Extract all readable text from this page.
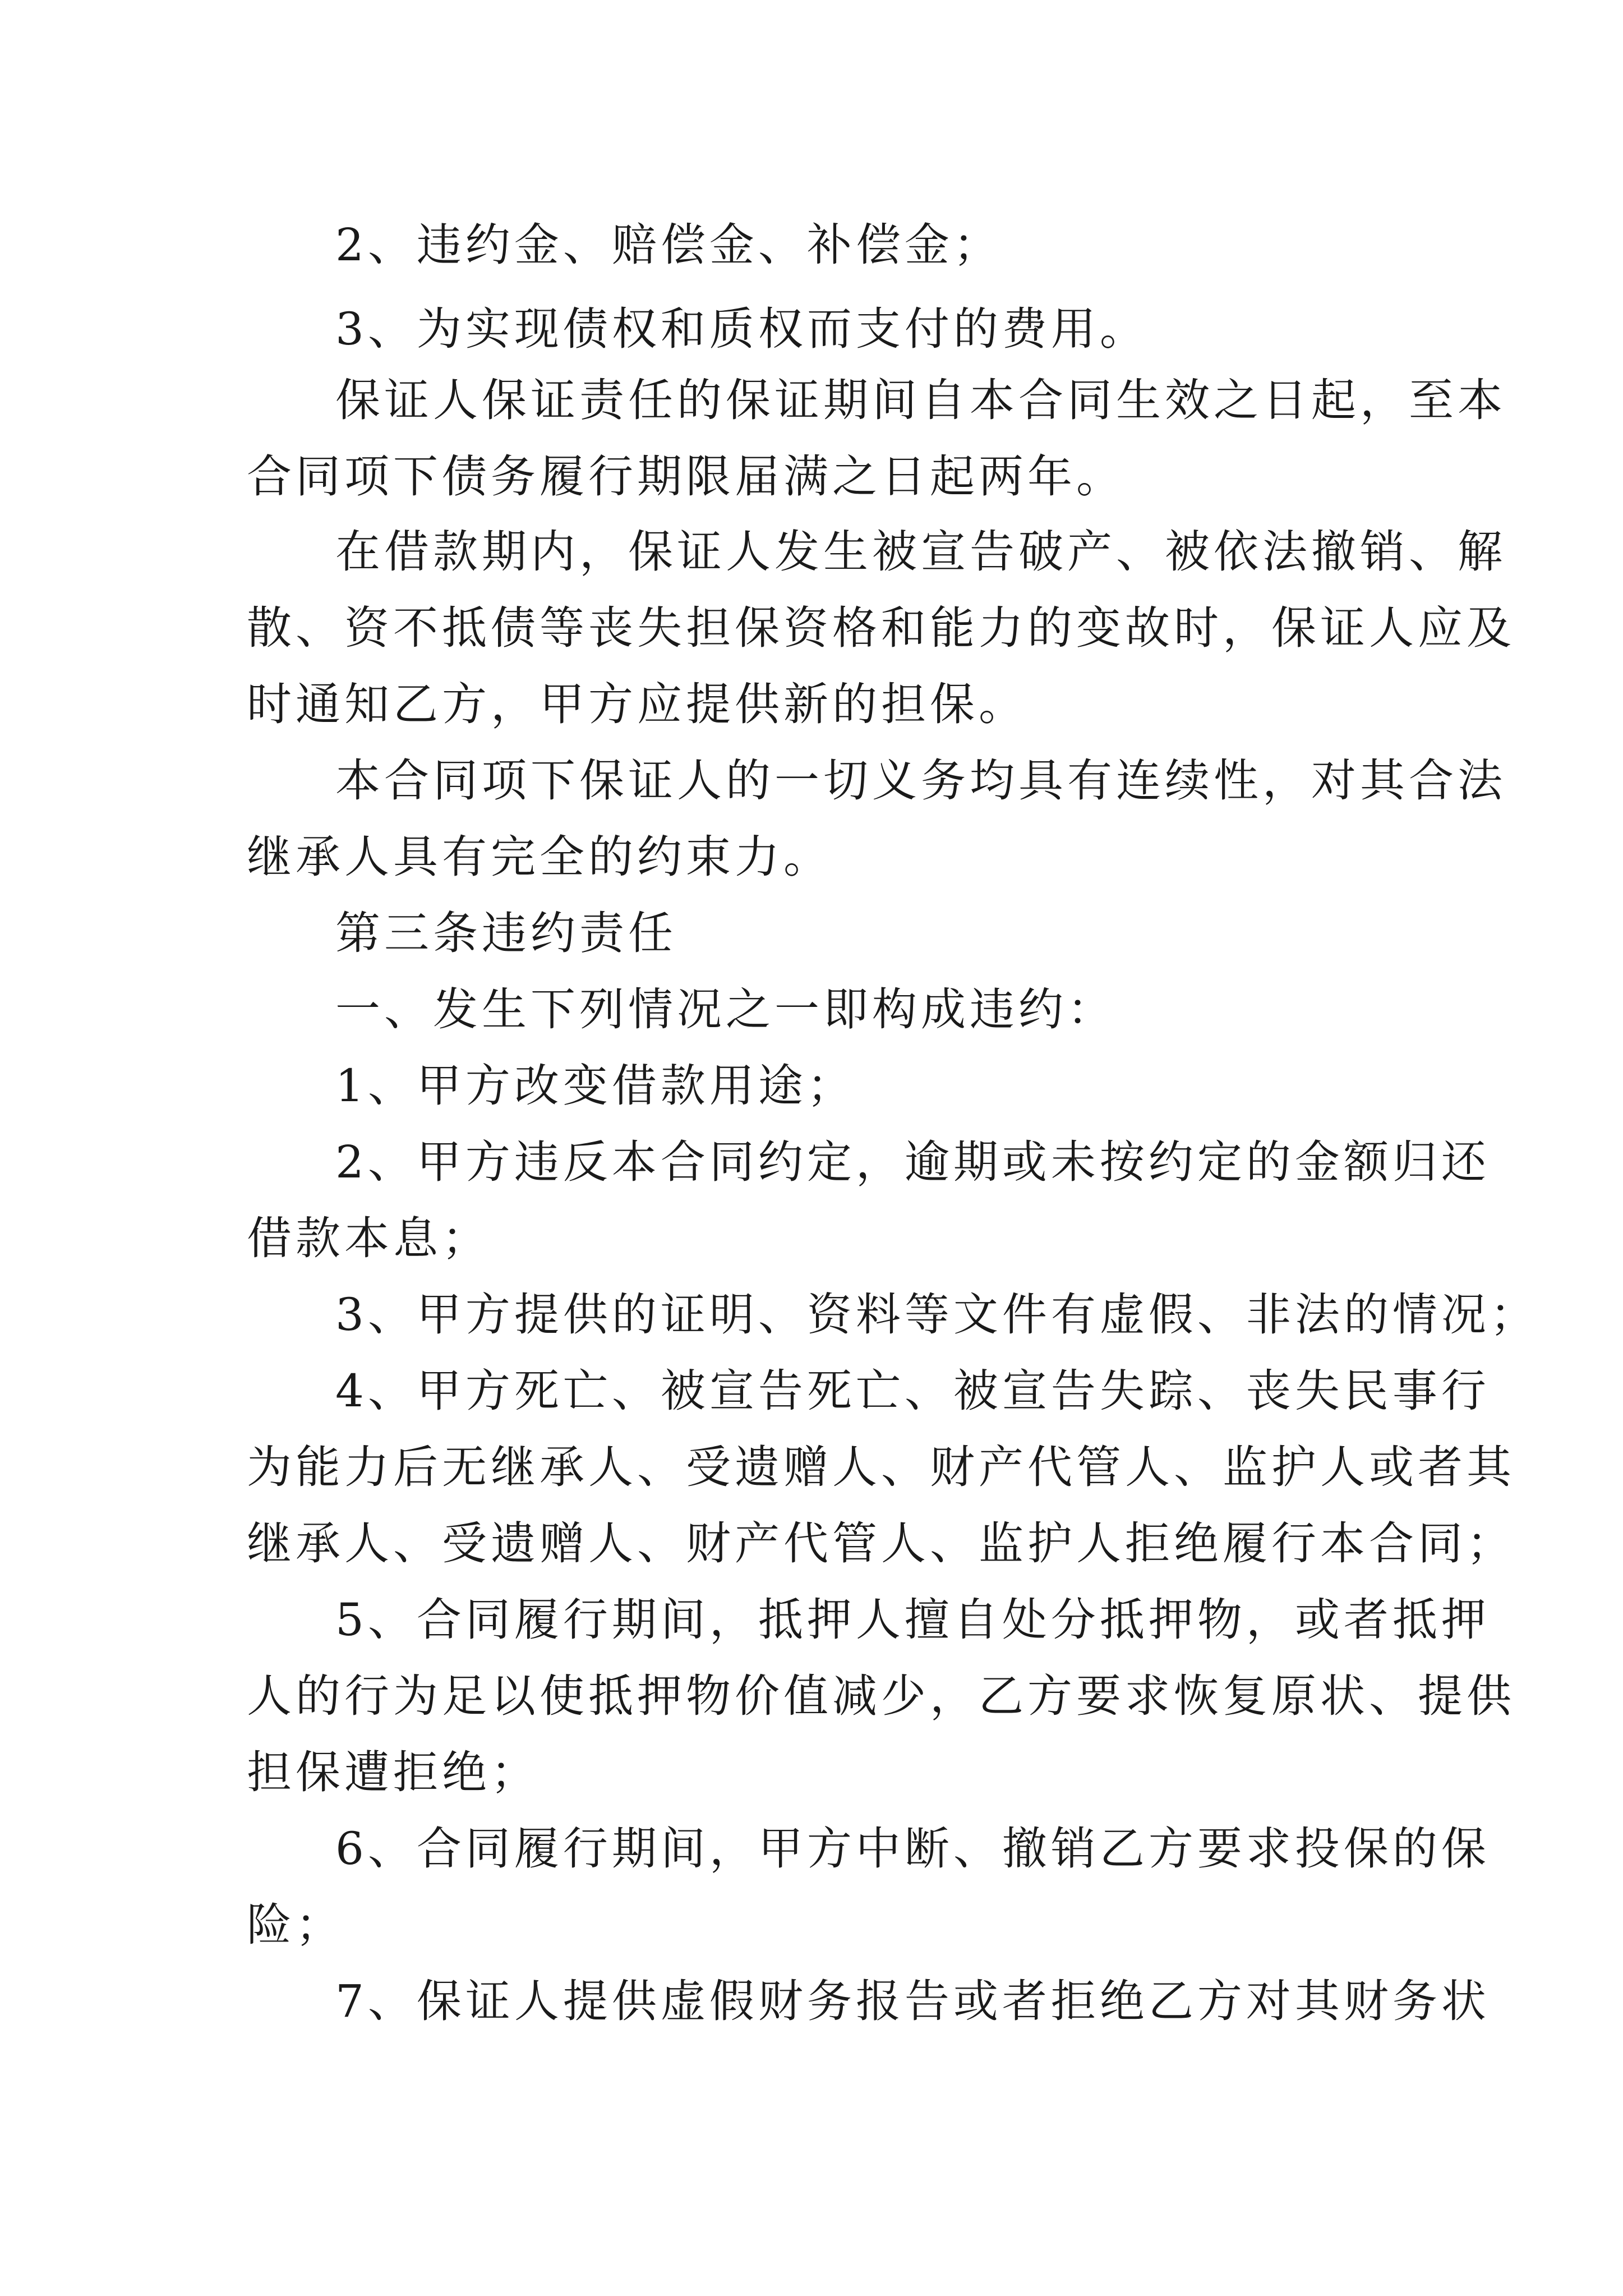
2、违约金、赔偿金、补偿金；
3、为实现债权和质权而支付的费用。
保证人保证责任的保证期间自本合同生效之日起，至本
合同项下债务履行期限届满之日起两年。
在借款期内，保证人发生被宣告破产、被依法撤销、解
散、资不抵债等丧失担保资格和能力的变故时，保证人应及
时通知乙方，甲方应提供新的担保。
本合同项下保证人的一切义务均具有连续性，对其合法
继承人具有完全的约束力。
第三条违约责任
一、发生下列情况之一即构成违约：
1、甲方改变借款用途；
2、甲方违反本合同约定，逾期或未按约定的金额归还
借款本息；
3、甲方提供的证明、资料等文件有虚假、非法的情况；
4、甲方死亡、被宣告死亡、被宣告失踪、丧失民事行
为能力后无继承人、受遗赠人、财产代管人、监护人或者其
继承人、受遗赠人、财产代管人、监护人拒绝履行本合同；
5、合同履行期间，抵押人擅自处分抵押物，或者抵押
人的行为足以使抵押物价值减少，乙方要求恢复原状、提供
担保遭拒绝；
6、合同履行期间，甲方中断、撤销乙方要求投保的保
险；
7、保证人提供虚假财务报告或者拒绝乙方对其财务状
